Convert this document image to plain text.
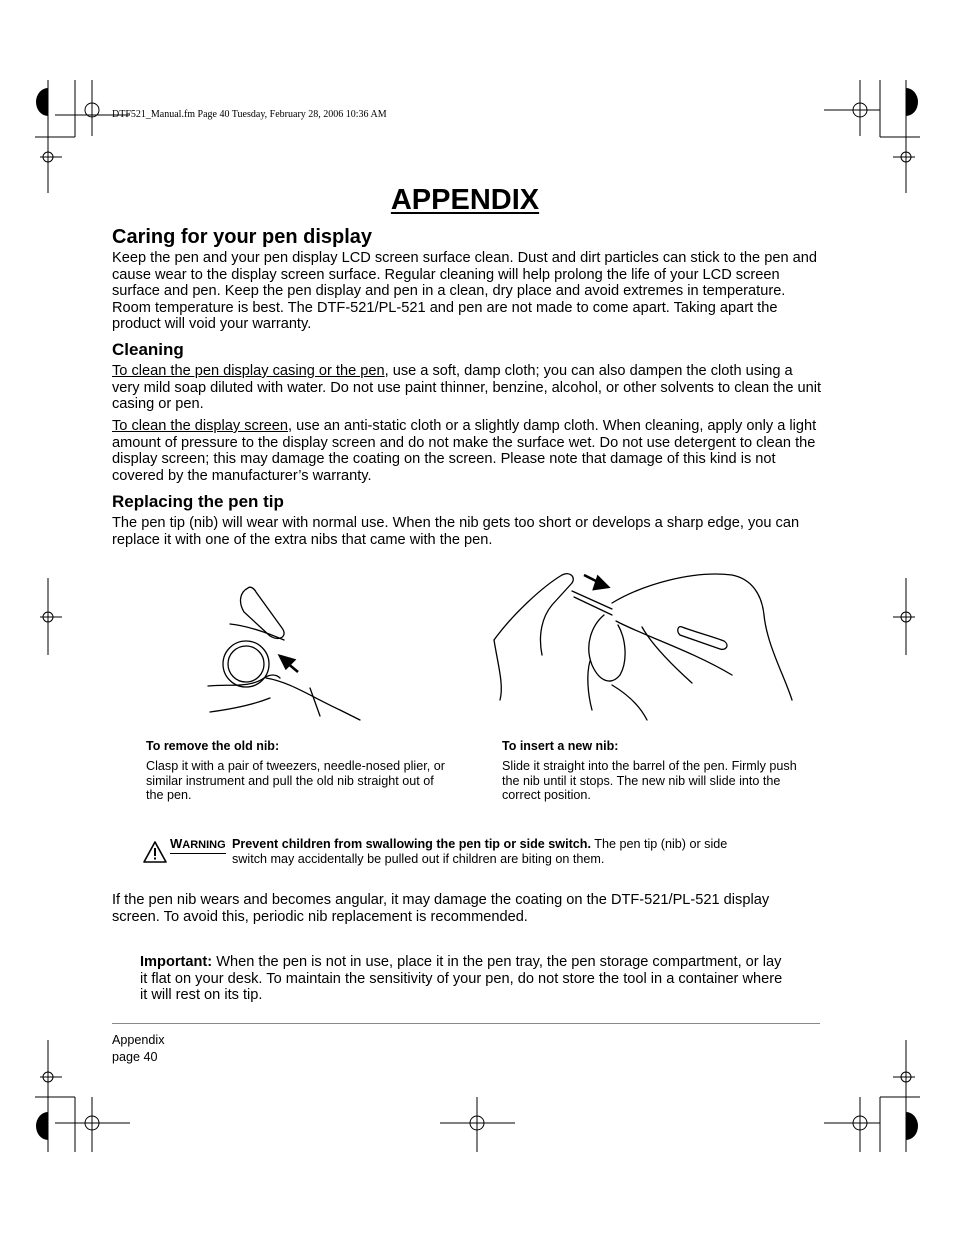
DTF521_Manual.fm Page 40 Tuesday, February 28, 2006 10:36 AM
APPENDIX
Caring for your pen display
Keep the pen and your pen display LCD screen surface clean. Dust and dirt particles can stick to the pen and cause wear to the display screen surface. Regular cleaning will help prolong the life of your LCD screen surface and pen. Keep the pen display and pen in a clean, dry place and avoid extremes in temperature. Room temperature is best. The DTF-521/PL-521 and pen are not made to come apart. Taking apart the product will void your warranty.
Cleaning
To clean the pen display casing or the pen, use a soft, damp cloth; you can also dampen the cloth using a very mild soap diluted with water. Do not use paint thinner, benzine, alcohol, or other solvents to clean the unit casing or pen.
To clean the display screen, use an anti-static cloth or a slightly damp cloth. When cleaning, apply only a light amount of pressure to the display screen and do not make the surface wet. Do not use detergent to clean the display screen; this may damage the coating on the screen. Please note that damage of this kind is not covered by the manufacturer’s warranty.
Replacing the pen tip
The pen tip (nib) will wear with normal use. When the nib gets too short or develops a sharp edge, you can replace it with one of the extra nibs that came with the pen.
To remove the old nib:
Clasp it with a pair of tweezers, needle-nosed plier, or similar instrument and pull the old nib straight out of the pen.
To insert a new nib:
Slide it straight into the barrel of the pen. Firmly push the nib until it stops. The new nib will slide into the correct position.
WARNING Prevent children from swallowing the pen tip or side switch. The pen tip (nib) or side switch may accidentally be pulled out if children are biting on them.
If the pen nib wears and becomes angular, it may damage the coating on the DTF-521/PL-521 display screen. To avoid this, periodic nib replacement is recommended.
Important: When the pen is not in use, place it in the pen tray, the pen storage compartment, or lay it flat on your desk. To maintain the sensitivity of your pen, do not store the tool in a container where it will rest on its tip.
Appendix
page 40
